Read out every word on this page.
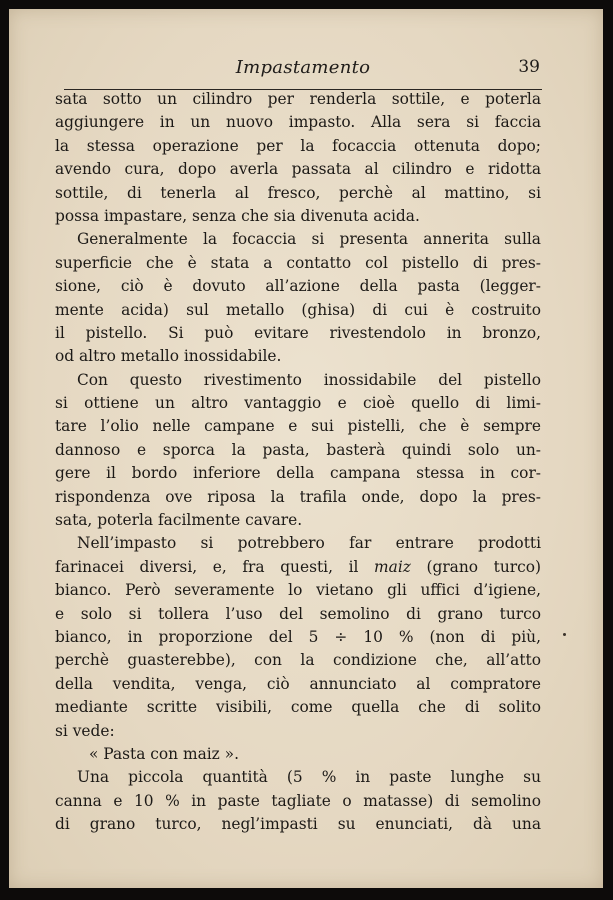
Impastamento	39
sata sotto un cilindro per renderla sottile, e poterla
aggiungere in un nuovo impasto. Alla sera si faccia
la stessa operazione per la focaccia ottenuta dopo;
avendo cura, dopo averla passata al cilindro e ridotta
sottile, di tenerla al fresco, perchè al mattino, si
possa impastare, senza che sia divenuta acida.
Generalmente la focaccia si presenta annerita sulla
superficie che è stata a contatto col pistello di pres-
sione, ciò è dovuto all’azione della pasta (legger-
mente acida) sul metallo (ghisa) di cui è costruito
il pistello. Si può evitare rivestendolo in bronzo,
od altro metallo inossidabile.
Con questo rivestimento inossidabile del pistello
si ottiene un altro vantaggio e cioè quello di limi-
tare l’olio nelle campane e sui pistelli, che è sempre
dannoso e sporca la pasta, basterà quindi solo un-
gere il bordo inferiore della campana stessa in cor-
rispondenza ove riposa la trafila onde, dopo la pres-
sata, poterla facilmente cavare.
Nell’impasto si potrebbero far entrare prodotti
farinacei diversi, e, fra questi, il maiz (grano turco)
bianco. Però severamente lo vietano gli uffici d’igiene,
e solo si tollera l’uso del semolino di grano turco
bianco, in proporzione del 5 ÷ 10 % (non di più,
perchè guasterebbe), con la condizione che, all’atto
della vendita, venga, ciò annunciato al compratore
mediante scritte visibili, come quella che di solito
si vede:
« Pasta con maiz ».
Una piccola quantità (5 % in paste lunghe su
canna e 10 % in paste tagliate o matasse) di semolino
di grano turco, negl’impasti su enunciati, dà una
